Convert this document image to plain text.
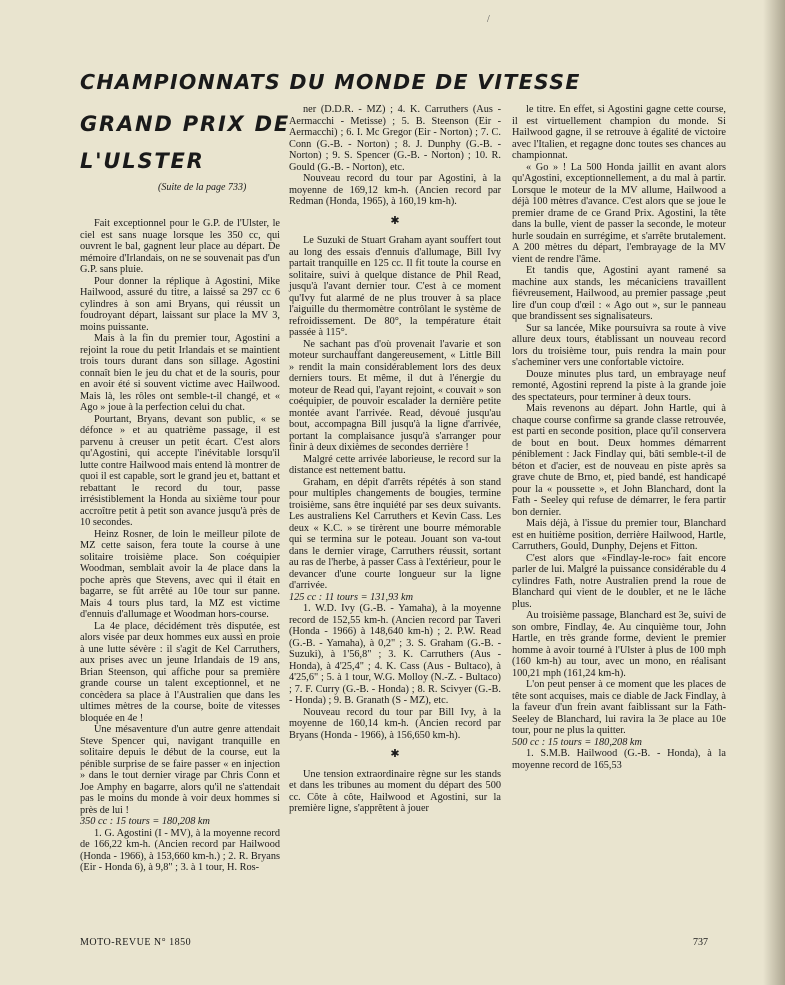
/
CHAMPIONNATS DU MONDE DE VITESSE
GRAND PRIX DE
L'ULSTER
(Suite de la page 733)

Fait exceptionnel pour le G.P. de l'Ulster, le ciel est sans nuage lorsque les 350 cc, qui ouvrent le bal, gagnent leur place au départ. De mémoire d'Irlandais, on ne se souvenait pas d'un G.P. sans pluie.

Pour donner la réplique à Agostini, Mike Hailwood, assuré du titre, a laissé sa 297 cc 6 cylindres à son ami Bryans, qui réussit un foudroyant départ, laissant sur place la MV 3, moins puissante.

Mais à la fin du premier tour, Agostini a rejoint la roue du petit Irlandais et se maintient trois tours durant dans son sillage. Agostini connaît bien le jeu du chat et de la souris, pour en avoir été si souvent victime avec Hailwood. Mais là, les rôles ont semble-t-il changé, et « Ago » joue à la perfection celui du chat.

Pourtant, Bryans, devant son public, « se défonce » et au quatrième passage, il est parvenu à creuser un petit écart. C'est alors qu'Agostini, qui accepte l'inévitable lorsqu'il lutte contre Hailwood mais entend là montrer de quoi il est capable, sort le grand jeu et, battant et rebattant le record du tour, passe irrésistiblement la Honda au sixième tour pour accroître petit à petit son avance jusqu'à près de 10 secondes.

Heinz Rosner, de loin le meilleur pilote de MZ cette saison, fera toute la course à une solitaire troisième place. Son coéquipier Woodman, semblait avoir la 4e place dans la poche après que Stevens, avec qui il était en bagarre, se fût arrêté au 10e tour sur panne. Mais 4 tours plus tard, la MZ est victime d'ennuis d'allumage et Woodman hors-course.

La 4e place, décidément très disputée, est alors visée par deux hommes eux aussi en proie à une lutte sévère : il s'agit de Kel Carruthers, aux prises avec un jeune Irlandais de 19 ans, Brian Steenson, qui affiche pour sa première grande course un talent exceptionnel, et ne concèdera sa place à l'Australien que dans les ultimes mètres de la course, boite de vitesses bloquée en 4e !

Une mésaventure d'un autre genre attendait Steve Spencer qui, navigant tranquille en solitaire depuis le début de la course, eut la pénible surprise de se faire passer « en injection » dans le tout dernier virage par Chris Conn et Joe Amphy en bagarre, alors qu'il ne s'attendait pas le moins du monde à voir deux hommes si près de lui !

350 cc : 15 tours = 180,208 km

1. G. Agostini (I - MV), à la moyenne record de 166,22 km-h. (Ancien record par Hailwood (Honda - 1966), à 153,660 km-h.) ; 2. R. Bryans (Eir - Honda 6), à 9,8" ; 3. à 1 tour, H. Ros-

ner (D.D.R. - MZ) ; 4. K. Carruthers (Aus - Aermacchi - Metisse) ; 5. B. Steenson (Eir - Aermacchi) ; 6. I. Mc Gregor (Eir - Norton) ; 7. C. Conn (G.-B. - Norton) ; 8. J. Dunphy (G.-B. - Norton) ; 9. S. Spencer (G.-B. - Norton) ; 10. R. Gould (G.-B. - Norton), etc.

Nouveau record du tour par Agostini, à la moyenne de 169,12 km-h. (Ancien record par Redman (Honda, 1965), à 160,19 km-h).

✱

Le Suzuki de Stuart Graham ayant souffert tout au long des essais d'ennuis d'allumage, Bill Ivy partait tranquille en 125 cc. Il fit toute la course en solitaire, suivi à quelque distance de Phil Read, jusqu'à l'avant dernier tour. C'est à ce moment qu'Ivy fut alarmé de ne plus trouver à sa place l'aiguille du thermomètre contrôlant le système de refroidissement. De 80°, la température était passée à 115°.

Ne sachant pas d'où provenait l'avarie et son moteur surchauffant dangereusement, « Little Bill » rendit la main considérablement lors des deux derniers tours. Et même, il dut à l'énergie du moteur de Read qui, l'ayant rejoint, « couvait » son coéquipier, de pouvoir escalader la dernière petite montée avant l'arrivée. Read, dévoué jusqu'au bout, accompagna Bill jusqu'à la ligne d'arrivée, portant la complaisance jusqu'à s'arranger pour finir à deux dixièmes de secondes derrière !

Malgré cette arrivée laborieuse, le record sur la distance est nettement battu.

Graham, en dépit d'arrêts répétés à son stand pour multiples changements de bougies, termine troisième, sans être inquiété par ses deux suivants. Les australiens Kel Carruthers et Kevin Cass. Les deux « K.C. » se tirèrent une bourre mémorable qui se termina sur le poteau. Jouant son va-tout dans le dernier virage, Carruthers réussit, sortant au ras de l'herbe, à passer Cass à l'extérieur, pour le devancer d'une courte longueur sur la ligne d'arrivée.

125 cc : 11 tours = 131,93 km

1. W.D. Ivy (G.-B. - Yamaha), à la moyenne record de 152,55 km-h. (Ancien record par Taveri (Honda - 1966) à 148,640 km-h) ; 2. P.W. Read (G.-B. - Yamaha), à 0,2" ; 3. S. Graham (G.-B. - Suzuki), à 1'56,8" ; 3. K. Carruthers (Aus - Honda), à 4'25,4" ; 4. K. Cass (Aus - Bultaco), à 4'25,6" ; 5. à 1 tour, W.G. Molloy (N.-Z. - Bultaco) ; 7. F. Curry (G.-B. - Honda) ; 8. R. Scivyer (G.-B. - Honda) ; 9. B. Granath (S - MZ), etc.

Nouveau record du tour par Bill Ivy, à la moyenne de 160,14 km-h. (Ancien record par Bryans (Honda - 1966), à 156,650 km-h).

✱

Une tension extraordinaire règne sur les stands et dans les tribunes au moment du départ des 500 cc. Côte à côte, Hailwood et Agostini, sur la première ligne, s'apprêtent à jouer

le titre. En effet, si Agostini gagne cette course, il est virtuellement champion du monde. Si Hailwood gagne, il se retrouve à égalité de victoire avec l'Italien, et regagne donc toutes ses chances au championnat.

« Go » ! La 500 Honda jaillit en avant alors qu'Agostini, exceptionnellement, a du mal à partir. Lorsque le moteur de la MV allume, Hailwood a déjà 100 mètres d'avance. C'est alors que se joue le premier drame de ce Grand Prix. Agostini, la tête dans la bulle, vient de passer la seconde, le moteur hurle soudain en surrégime, et s'arrête brutalement. A 200 mètres du départ, l'embrayage de la MV vient de rendre l'âme.

Et tandis que, Agostini ayant ramené sa machine aux stands, les mécaniciens travaillent fiévreusement, Hailwood, au premier passage ,peut lire d'un coup d'œil : « Ago out », sur le panneau que brandissent ses signalisateurs.

Sur sa lancée, Mike poursuivra sa route à vive allure deux tours, établissant un nouveau record lors du troisième tour, puis rendra la main pour s'acheminer vers une confortable victoire.

Douze minutes plus tard, un embrayage neuf remonté, Agostini reprend la piste à la grande joie des spectateurs, pour terminer à deux tours.

Mais revenons au départ. John Hartle, qui à chaque course confirme sa grande classe retrouvée, est parti en seconde position, place qu'il conservera de bout en bout. Deux hommes démarrent péniblement : Jack Findlay qui, bâti semble-t-il de béton et d'acier, est de nouveau en piste après sa grave chute de Brno, et, pied bandé, est handicapé pour la « poussette », et John Blanchard, dont la Fath - Seeley qui refuse de démarrer, le fera partir bon dernier.

Mais déjà, à l'issue du premier tour, Blanchard est en huitième position, derrière Hailwood, Hartle, Carruthers, Gould, Dunphy, Dejens et Fitton.

C'est alors que «Findlay-le-roc» fait encore parler de lui. Malgré la puissance considérable du 4 cylindres Fath, notre Australien prend la roue de Blanchard qui vient de le doubler, et ne le lâche plus.

Au troisième passage, Blanchard est 3e, suivi de son ombre, Findlay, 4e. Au cinquième tour, John Hartle, en très grande forme, devient le premier homme à avoir tourné à l'Ulster à plus de 100 mph (160 km-h) au tour, avec un mono, en réalisant 100,21 mph (161,24 km-h).

L'on peut penser à ce moment que les places de tête sont acquises, mais ce diable de Jack Findlay, à la faveur d'un frein avant faiblissant sur la Fath-Seeley de Blanchard, lui ravira la 3e place au 10e tour, pour ne plus la quitter.

500 cc : 15 tours = 180,208 km

1. S.M.B. Hailwood (G.-B. - Honda), à la moyenne record de 165,53

MOTO-REVUE N° 1850	737
